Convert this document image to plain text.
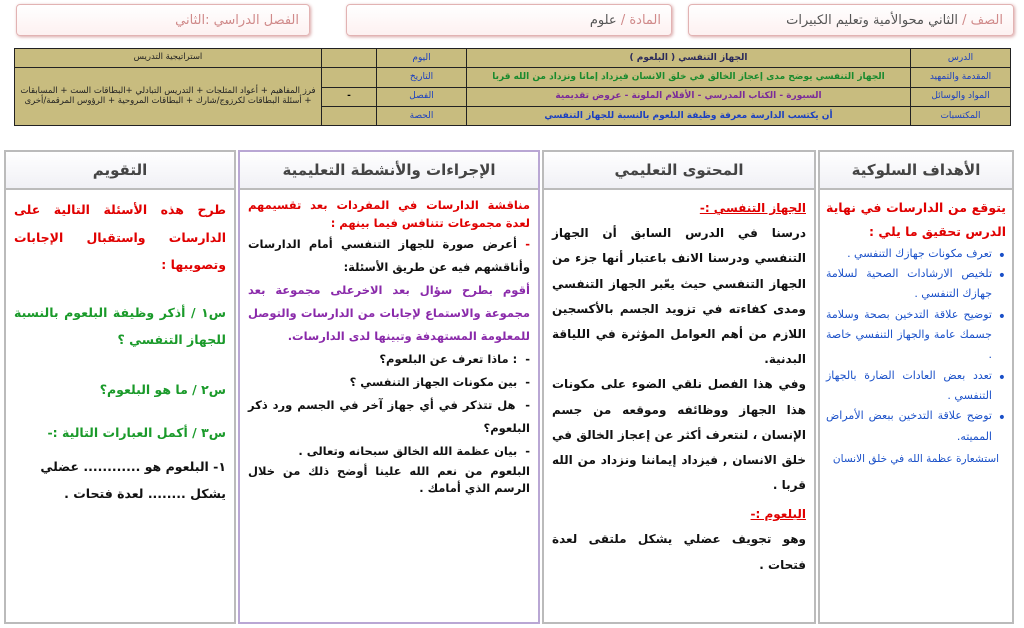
الصف /

الثاني محوالأمية وتعليم الكبيرات
المادة /

علوم
الفصل الدراسي :الثاني
الدرس	الجهاز التنفسي ( البلعوم )	اليوم		استراتيجية التدريس
المقدمة والتمهيد	الجهاز التنفسي يوضح مدى إعجاز الخالق في خلق الانسان فيزداد إمانا ونزداد من الله قربا	التاريخ		فرز المفاهيم + أعواد المثلجات + التدريس التبادلي +البطاقات الست + المسابقات + أسئلة البطاقات لكرزوج/شارك + البطاقات المروحية + الرؤوس المرقمة/أخرى
المواد والوسائل	السبورة - الكتاب المدرسي - الأقلام الملونة - عروض تقديمية	الفصل	-	
المكتسبات	أن يكتسب الدارسة معرفة وظيفة البلعوم بالنسبة للجهاز التنفسي	الحصة		
الأهداف السلوكية
يتوقع من الدارسات في نهاية الدرس تحقيق ما يلي :
• تعرف مكونات جهازك التنفسي .
• تلخيص الارشادات الصحية لسلامة جهازك التنفسي .
• توضيح علاقة التدخين بصحة وسلامة جسمك عامة والجهاز التنفسي خاصة .
• تعدد بعض العادات الضارة بالجهاز التنفسي .
• توضح علاقة التدخين ببعض الأمراض المميته.
استشعارة عظمة الله في خلق الانسان
المحتوى التعليمي
الجهاز التنفسي :-
درسنا في الدرس السابق أن الجهاز التنفسي ودرسنا الانف باعتبار أنها جزء من الجهاز التنفسي حيث يعّبر الجهاز التنفسي ومدى كفاءته في تزويد الجسم بالأكسجين اللازم من أهم العوامل المؤثرة في اللياقة البدنية.
وفي هذا الفصل نلقي الضوء على مكونات هذا الجهاز ووظائفه وموقعه من جسم الإنسان ، لنتعرف أكثر عن إعجاز الخالق في خلق الانسان , فيزداد إيماننا ونزداد من الله قربا .
البلعوم :-
وهو تجويف عضلي يشكل ملتقى لعدة فتحات .
الإجراءات والأنشطة التعليمية
مناقشة الدارسات في المفردات بعد تقسيمهم لعدة مجموعات تتنافس فيما بينهم :
- أعرض صورة للجهاز التنفسي أمام الدارسات وأناقشهم فيه عن طريق الأسئلة:
أقوم بطرح سؤال بعد الاخرعلى مجموعة بعد مجموعة والاستماع لإجابات من الدارسات والتوصل للمعلومة المستهدفة وتبينها لدى الدارسات.
-  : ماذا تعرف عن البلعوم؟
-  بين مكونات الجهاز التنفسي ؟
-  هل تتذكر في أي جهاز آخر في الجسم ورد ذكر البلعوم؟
-  بيان عظمة الله الخالق سبحانه وتعالى .
البلعوم من نعم الله علينا أوضح ذلك من خلال الرسم الذي أمامك .
التقويم
طرح هذه الأسئلة التالية على الدارسات واستقبال الإجابات وتصويبها :
س١ / أذكر وظيفة البلعوم بالنسبة للجهاز التنفسي ؟
س٢ / ما هو البلعوم؟
س٣ / أكمل العبارات التالية :-
١- البلعوم هو ............ عضلي
يشكل ........ لعدة فتحات .
